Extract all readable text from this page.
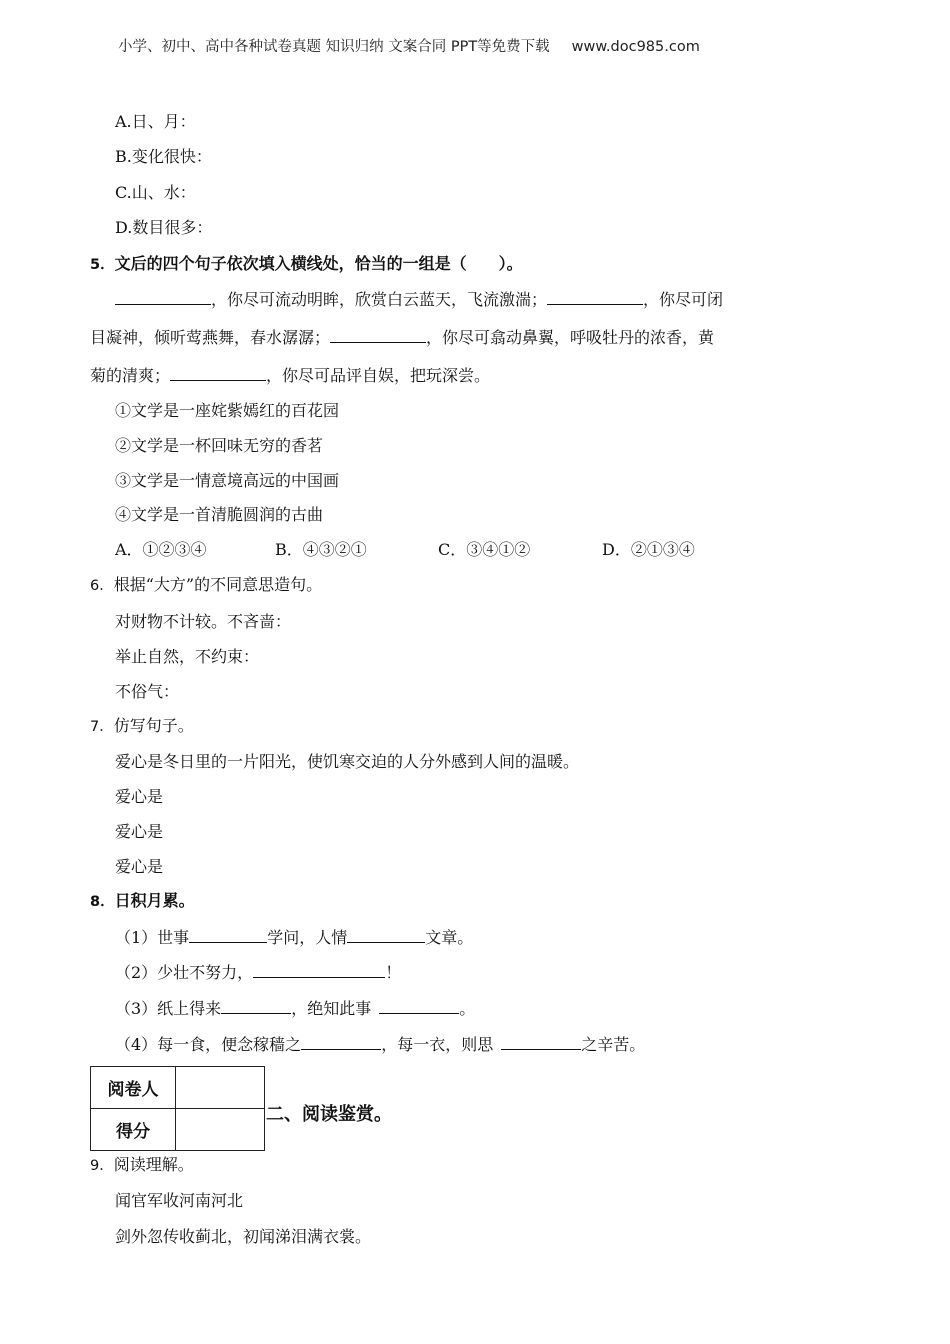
小学、初中、高中各种试卷真题 知识归纳 文案合同 PPT等免费下载 www.doc985.com
A.日、月：
B.变化很快：
C.山、水：
D.数目很多：
5．文后的四个句子依次填入横线处，恰当的一组是（　　）。
，你尽可流动明眸，欣赏白云蓝天，飞流激湍；	，你尽可闭
目凝神，倾听莺燕舞，春水潺潺；	，你尽可翕动鼻翼，呼吸牡丹的浓香，黄
菊的清爽；	，你尽可品评自娱，把玩深尝。
①文学是一座姹紫嫣红的百花园
②文学是一杯回味无穷的香茗
③文学是一情意境高远的中国画
④文学是一首清脆圆润的古曲
A．①②③④	B．④③②①	C．③④①②	D．②①③④
6．根据“大方”的不同意思造句。
对财物不计较。不吝啬：
举止自然，不约束：
不俗气：
7．仿写句子。
爱心是冬日里的一片阳光，使饥寒交迫的人分外感到人间的温暖。
爱心是
爱心是
爱心是
8．日积月累。
（1）世事	学问，人情	文章。
（2）少壮不努力，	！
（3）纸上得来	，绝知此事	。
（4）每一食，便念稼穑之	，每一衣，则思	之辛苦。
阅卷人	
得分	
二、阅读鉴赏。
9．阅读理解。
闻官军收河南河北
剑外忽传收蓟北，初闻涕泪满衣裳。
